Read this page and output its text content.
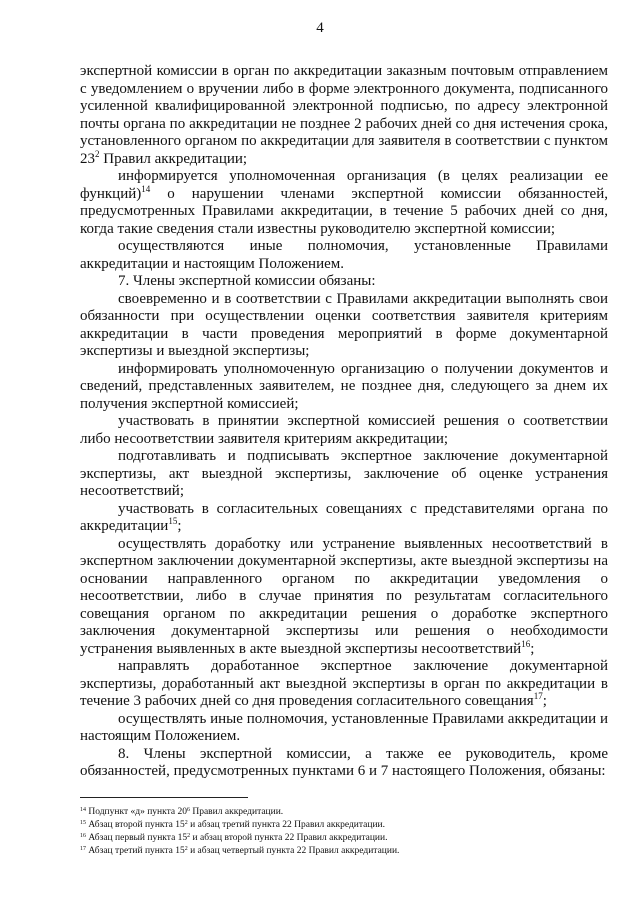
4

экспертной комиссии в орган по аккредитации заказным почтовым отправлением с уведомлением о вручении либо в форме электронного документа, подписанного усиленной квалифицированной электронной подписью, по адресу электронной почты органа по аккредитации не позднее 2 рабочих дней со дня истечения срока, установленного органом по аккредитации для заявителя в соответствии с пунктом $23^2$ Правил аккредитации;

информируется уполномоченная организация (в целях реализации ее функций)$^{14}$ о нарушении членами экспертной комиссии обязанностей, предусмотренных Правилами аккредитации, в течение 5 рабочих дней со дня, когда такие сведения стали известны руководителю экспертной комиссии;

осуществляются иные полномочия, установленные Правилами аккредитации и настоящим Положением.

7. Члены экспертной комиссии обязаны:

своевременно и в соответствии с Правилами аккредитации выполнять свои обязанности при осуществлении оценки соответствия заявителя критериям аккредитации в части проведения мероприятий в форме документарной экспертизы и выездной экспертизы;

информировать уполномоченную организацию о получении документов и сведений, представленных заявителем, не позднее дня, следующего за днем их получения экспертной комиссией;

участвовать в принятии экспертной комиссией решения о соответствии либо несоответствии заявителя критериям аккредитации;

подготавливать и подписывать экспертное заключение документарной экспертизы, акт выездной экспертизы, заключение об оценке устранения несоответствий;

участвовать в согласительных совещаниях с представителями органа по аккредитации$^{15}$;

осуществлять доработку или устранение выявленных несоответствий в экспертном заключении документарной экспертизы, акте выездной экспертизы на основании направленного органом по аккредитации уведомления о несоответствии, либо в случае принятия по результатам согласительного совещания органом по аккредитации решения о доработке экспертного заключения документарной экспертизы или решения о необходимости устранения выявленных в акте выездной экспертизы несоответствий$^{16}$;

направлять доработанное экспертное заключение документарной экспертизы, доработанный акт выездной экспертизы в орган по аккредитации в течение 3 рабочих дней со дня проведения согласительного совещания$^{17}$;

осуществлять иные полномочия, установленные Правилами аккредитации и настоящим Положением.

8. Члены экспертной комиссии, а также ее руководитель, кроме обязанностей, предусмотренных пунктами 6 и 7 настоящего Положения, обязаны:

$^{14}$ Подпункт «д» пункта $20^6$ Правил аккредитации.
$^{15}$ Абзац второй пункта $15^2$ и абзац третий пункта 22 Правил аккредитации.
$^{16}$ Абзац первый пункта $15^2$ и абзац второй пункта 22 Правил аккредитации.
$^{17}$ Абзац третий пункта $15^2$ и абзац четвертый пункта 22 Правил аккредитации.
